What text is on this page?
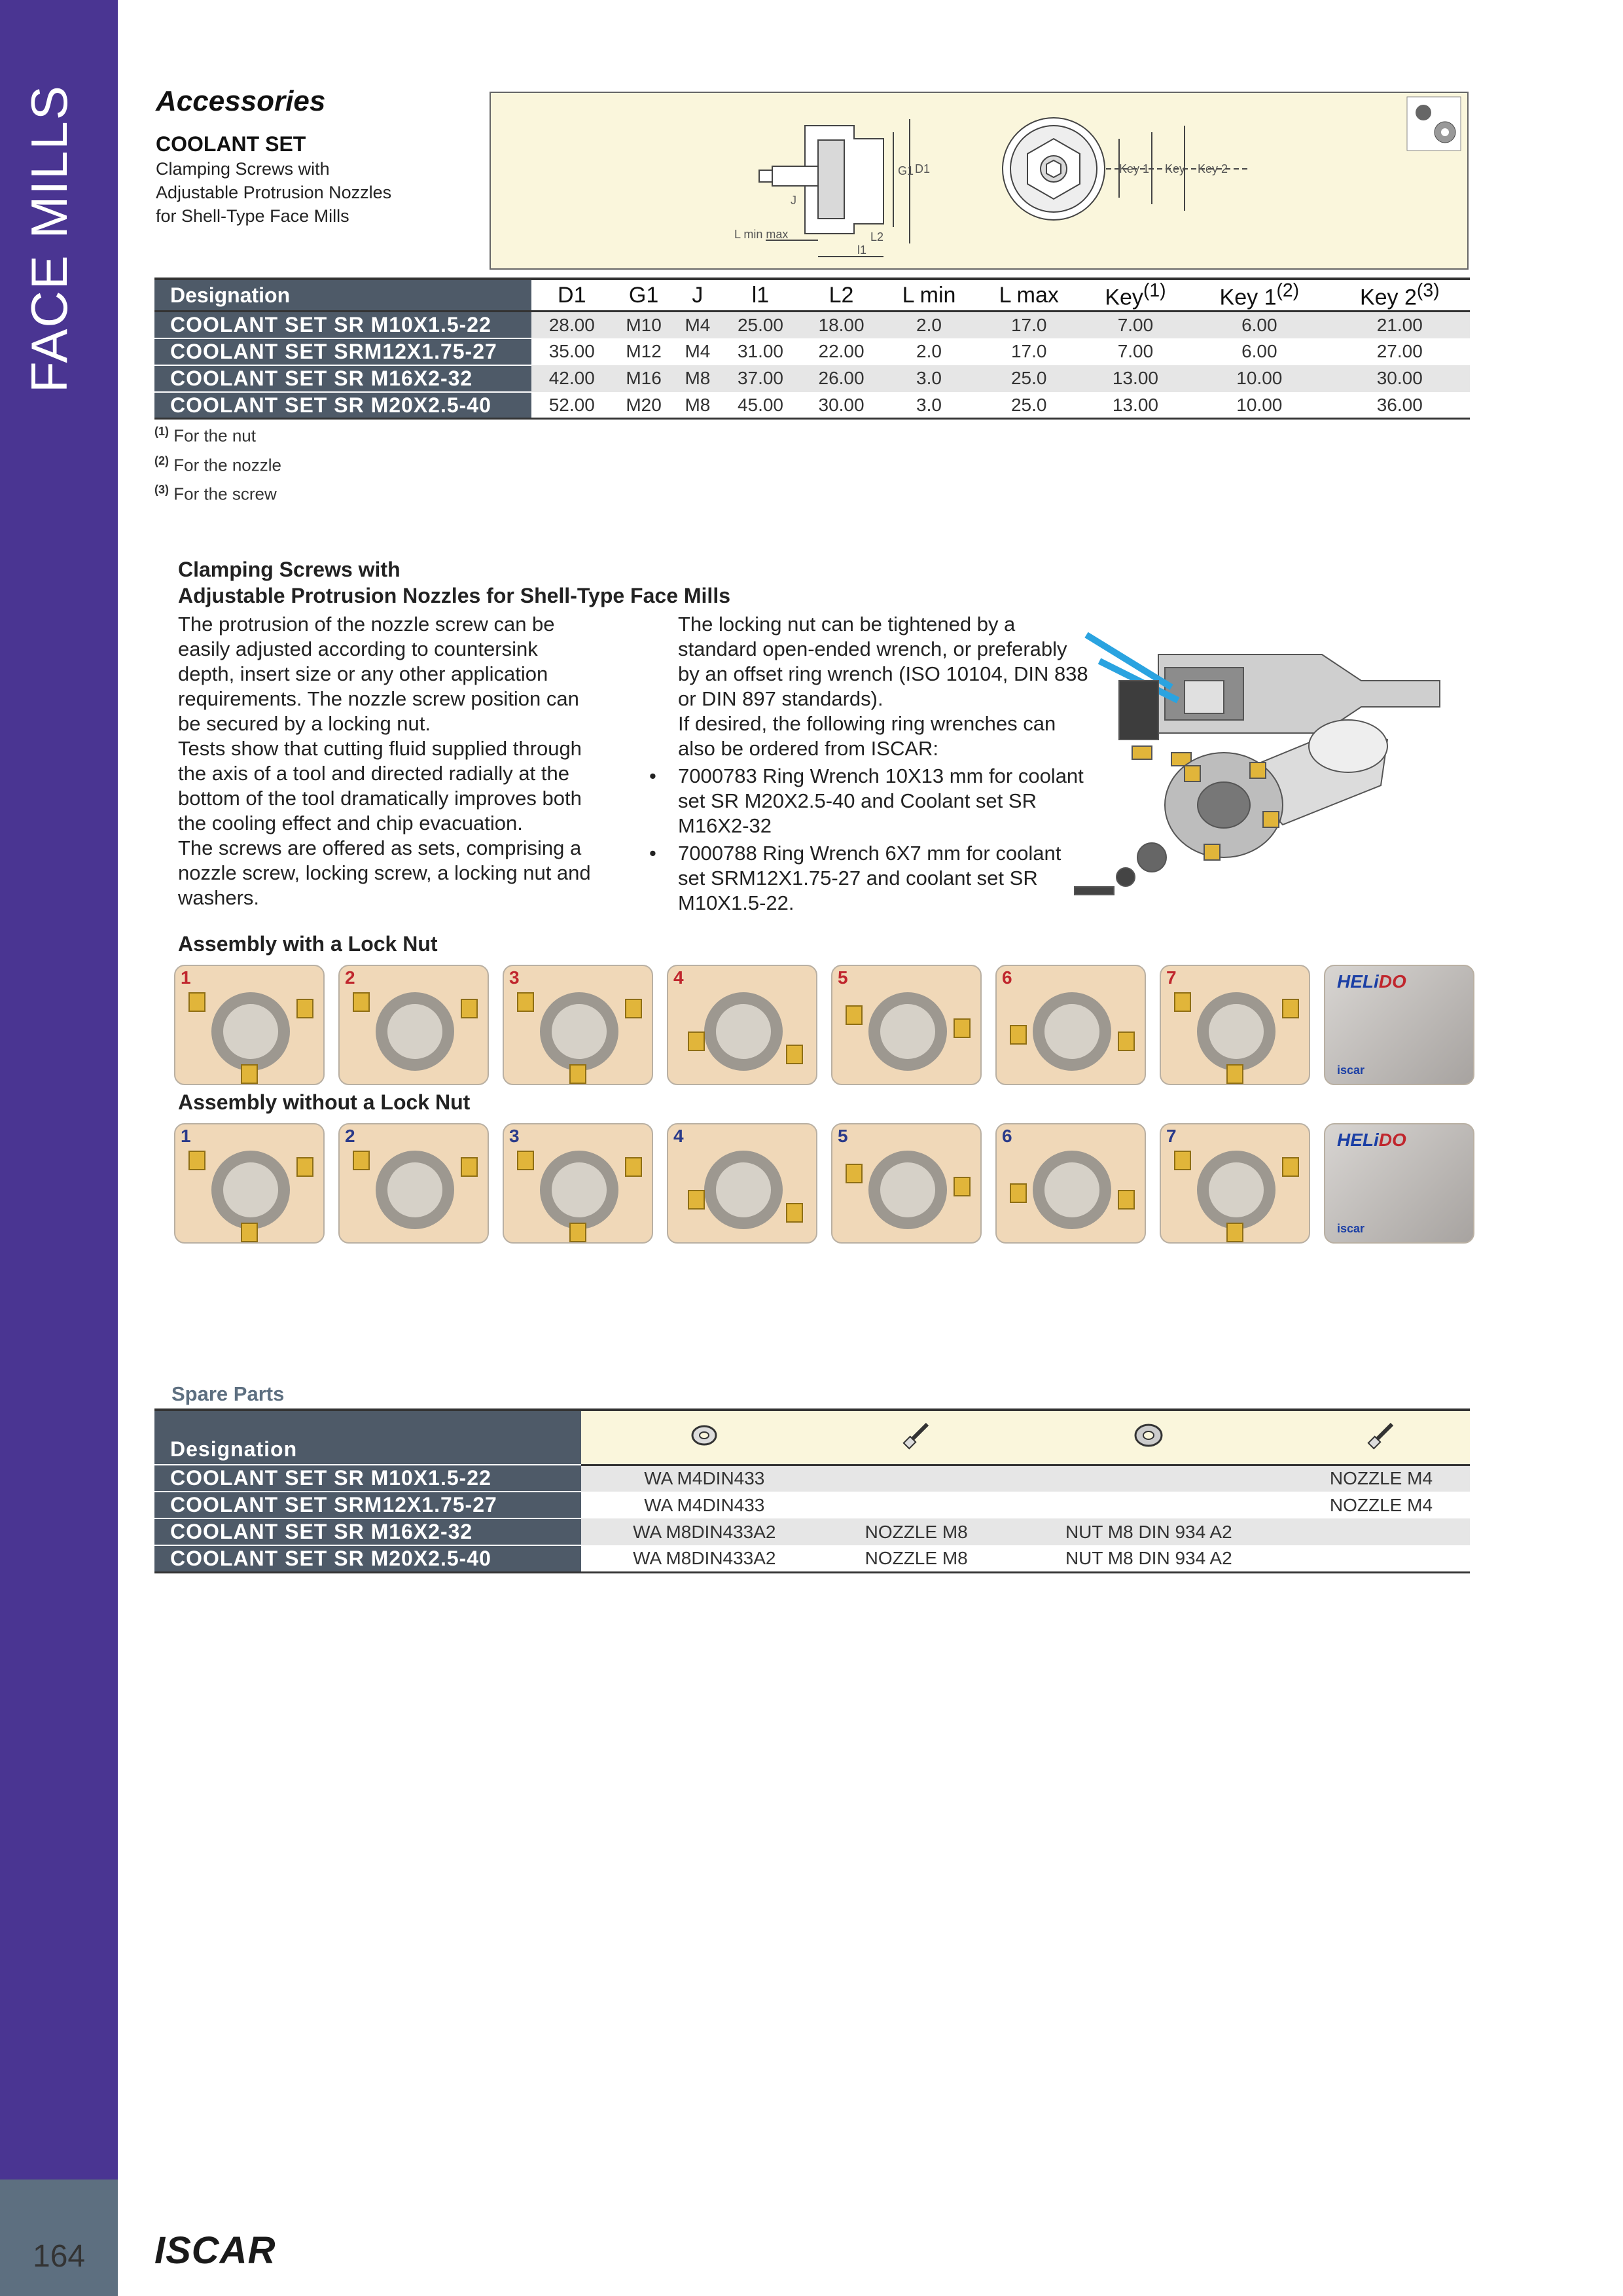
FACE MILLS
164 ISCAR
Accessories
COOLANT SET
Clamping Screws with
Adjustable Protrusion Nozzles
for Shell-Type Face Mills
G1 D1
J
L min max	L2
l1
Key 1 Key Key 2
Designation	D1	G1	J	l1	L2	L min	L max	Key$^{(1)}$	Key 1$^{(2)}$	Key 2$^{(3)}$
COOLANT SET SR M10X1.5-22	28.00	M10	M4	25.00	18.00	2.0	17.0	7.00	6.00	21.00
COOLANT SET SRM12X1.75-27	35.00	M12	M4	31.00	22.00	2.0	17.0	7.00	6.00	27.00
COOLANT SET SR M16X2-32	42.00	M16	M8	37.00	26.00	3.0	25.0	13.00	10.00	30.00
COOLANT SET SR M20X2.5-40	52.00	M20	M8	45.00	30.00	3.0	25.0	13.00	10.00	36.00
$^{(1)}$ For the nut
$^{(2)}$ For the nozzle
$^{(3)}$ For the screw
Clamping Screws with
Adjustable Protrusion Nozzles for Shell-Type Face Mills
The protrusion of the nozzle screw can be
easily adjusted according to countersink
depth, insert size or any other application
requirements. The nozzle screw position can
be secured by a locking nut.
Tests show that cutting fluid supplied through
the axis of a tool and directed radially at the
bottom of the tool dramatically improves both
the cooling effect and chip evacuation.
The screws are offered as sets, comprising a
nozzle screw, locking screw, a locking nut and
washers.
The locking nut can be tightened by a
standard open-ended wrench, or preferably
by an offset ring wrench (ISO 10104, DIN 838
or DIN 897 standards).
If desired, the following ring wrenches can
also be ordered from ISCAR:
• 7000783 Ring Wrench 10X13 mm for coolant
set SR M20X2.5-40 and Coolant set SR
M16X2-32
• 7000788 Ring Wrench 6X7 mm for coolant
set SRM12X1.75-27 and coolant set SR
M10X1.5-22.
Assembly with a Lock Nut
1	2	3	4	5	6	7	HELiDO
iscar
Assembly without a Lock Nut
1	2	3	4	5	6	7	HELiDO
iscar
Spare Parts
Designation				
COOLANT SET SR M10X1.5-22	WA M4DIN433			NOZZLE M4
COOLANT SET SRM12X1.75-27	WA M4DIN433			NOZZLE M4
COOLANT SET SR M16X2-32	WA M8DIN433A2	NOZZLE M8	NUT M8 DIN 934 A2	
COOLANT SET SR M20X2.5-40	WA M8DIN433A2	NOZZLE M8	NUT M8 DIN 934 A2	
